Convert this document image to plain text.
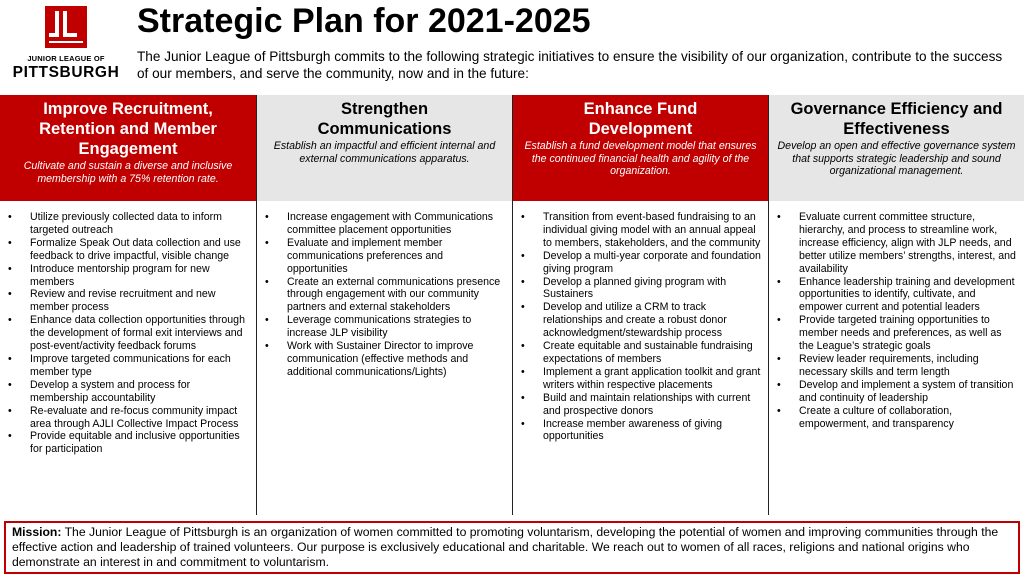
JUNIOR LEAGUE OF
PITTSBURGH
Strategic Plan for 2021-2025

The Junior League of Pittsburgh commits to the following strategic initiatives to ensure the visibility of our organization, contribute to the success of our members, and serve the community, now and in the future:

Improve Recruitment, Retention and Member Engagement
Cultivate and sustain a diverse and inclusive membership with a 75% retention rate.
• Utilize previously collected data to inform targeted outreach
• Formalize Speak Out data collection and use feedback to drive impactful, visible change
• Introduce mentorship program for new members
• Review and revise recruitment and new member process
• Enhance data collection opportunities through the development of formal exit interviews and post-event/activity feedback forums
• Improve targeted communications for each member type
• Develop a system and process for membership accountability
• Re-evaluate and re-focus community impact area through AJLI Collective Impact Process
• Provide equitable and inclusive opportunities for participation
Strengthen Communications
Establish an impactful and efficient internal and external communications apparatus.
• Increase engagement with Communications committee placement opportunities
• Evaluate and implement member communications preferences and opportunities
• Create an external communications presence through engagement with our community partners and external stakeholders
• Leverage communications strategies to increase JLP visibility
• Work with Sustainer Director to improve communication (effective methods and additional communications/Lights)
Enhance Fund Development
Establish a fund development model that ensures the continued financial health and agility of the organization.
• Transition from event-based fundraising to an individual giving model with an annual appeal to members, stakeholders, and the community
• Develop a multi-year corporate and foundation giving program
• Develop a planned giving program with Sustainers
• Develop and utilize a CRM to track relationships and create a robust donor acknowledgment/stewardship process
• Create equitable and sustainable fundraising expectations of members
• Implement a grant application toolkit and grant writers within respective placements
• Build and maintain relationships with current and prospective donors
• Increase member awareness of giving opportunities
Governance Efficiency and Effectiveness
Develop an open and effective governance system that supports strategic leadership and sound organizational management.
• Evaluate current committee structure, hierarchy, and process to streamline work, increase efficiency, align with JLP needs, and better utilize members’ strengths, interest, and availability
• Enhance leadership training and development opportunities to identify, cultivate, and empower current and potential leaders
• Provide targeted training opportunities to member needs and preferences, as well as the League’s strategic goals
• Review leader requirements, including necessary skills and term length
• Develop and implement a system of transition and continuity of leadership
• Create a culture of collaboration, empowerment, and transparency
Mission: The Junior League of Pittsburgh is an organization of women committed to promoting voluntarism, developing the potential of women and improving communities through the effective action and leadership of trained volunteers. Our purpose is exclusively educational and charitable. We reach out to women of all races, religions and national origins who demonstrate an interest in and commitment to voluntarism.
